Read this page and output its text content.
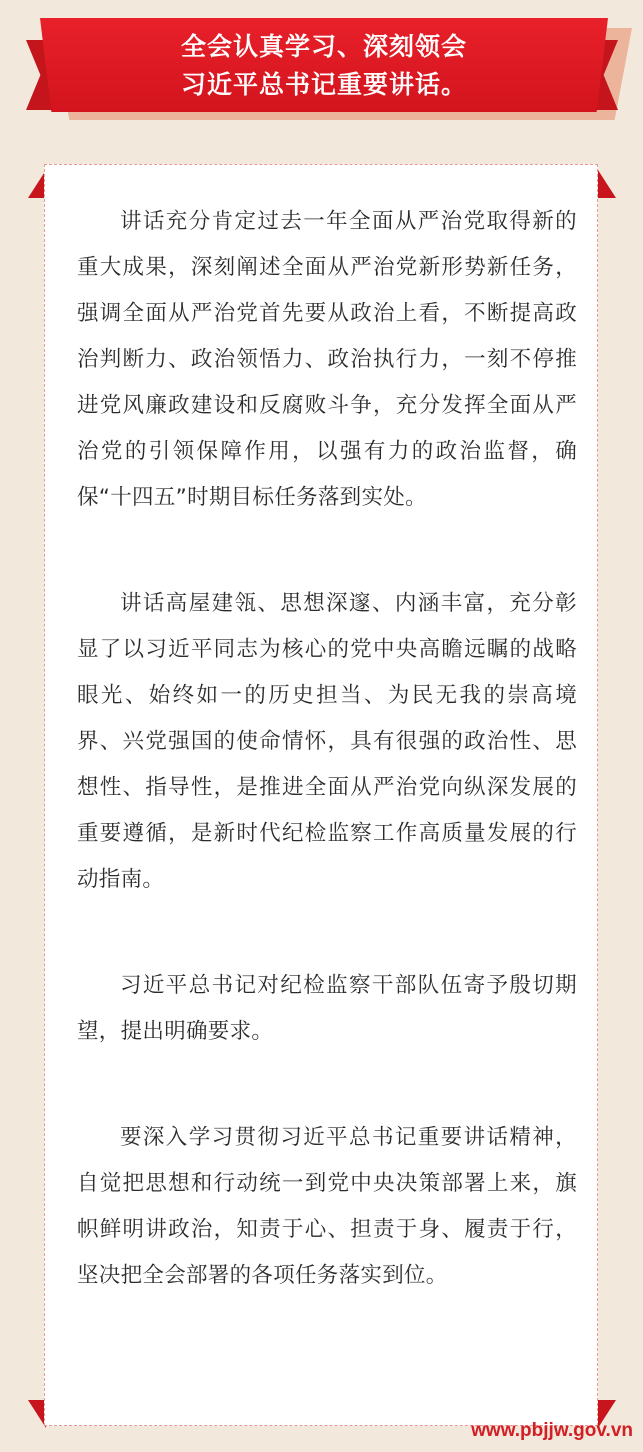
全会认真学习、深刻领会
习近平总书记重要讲话。

讲话充分肯定过去一年全面从严治党取得新的重大成果，深刻阐述全面从严治党新形势新任务，强调全面从严治党首先要从政治上看，不断提高政治判断力、政治领悟力、政治执行力，一刻不停推进党风廉政建设和反腐败斗争，充分发挥全面从严治党的引领保障作用，以强有力的政治监督，确保“十四五”时期目标任务落到实处。

讲话高屋建瓴、思想深邃、内涵丰富，充分彰显了以习近平同志为核心的党中央高瞻远瞩的战略眼光、始终如一的历史担当、为民无我的崇高境界、兴党强国的使命情怀，具有很强的政治性、思想性、指导性，是推进全面从严治党向纵深发展的重要遵循，是新时代纪检监察工作高质量发展的行动指南。

习近平总书记对纪检监察干部队伍寄予殷切期望，提出明确要求。

要深入学习贯彻习近平总书记重要讲话精神，自觉把思想和行动统一到党中央决策部署上来，旗帜鲜明讲政治，知责于心、担责于身、履责于行，坚决把全会部署的各项任务落实到位。

www.pbjjw.gov.vn
